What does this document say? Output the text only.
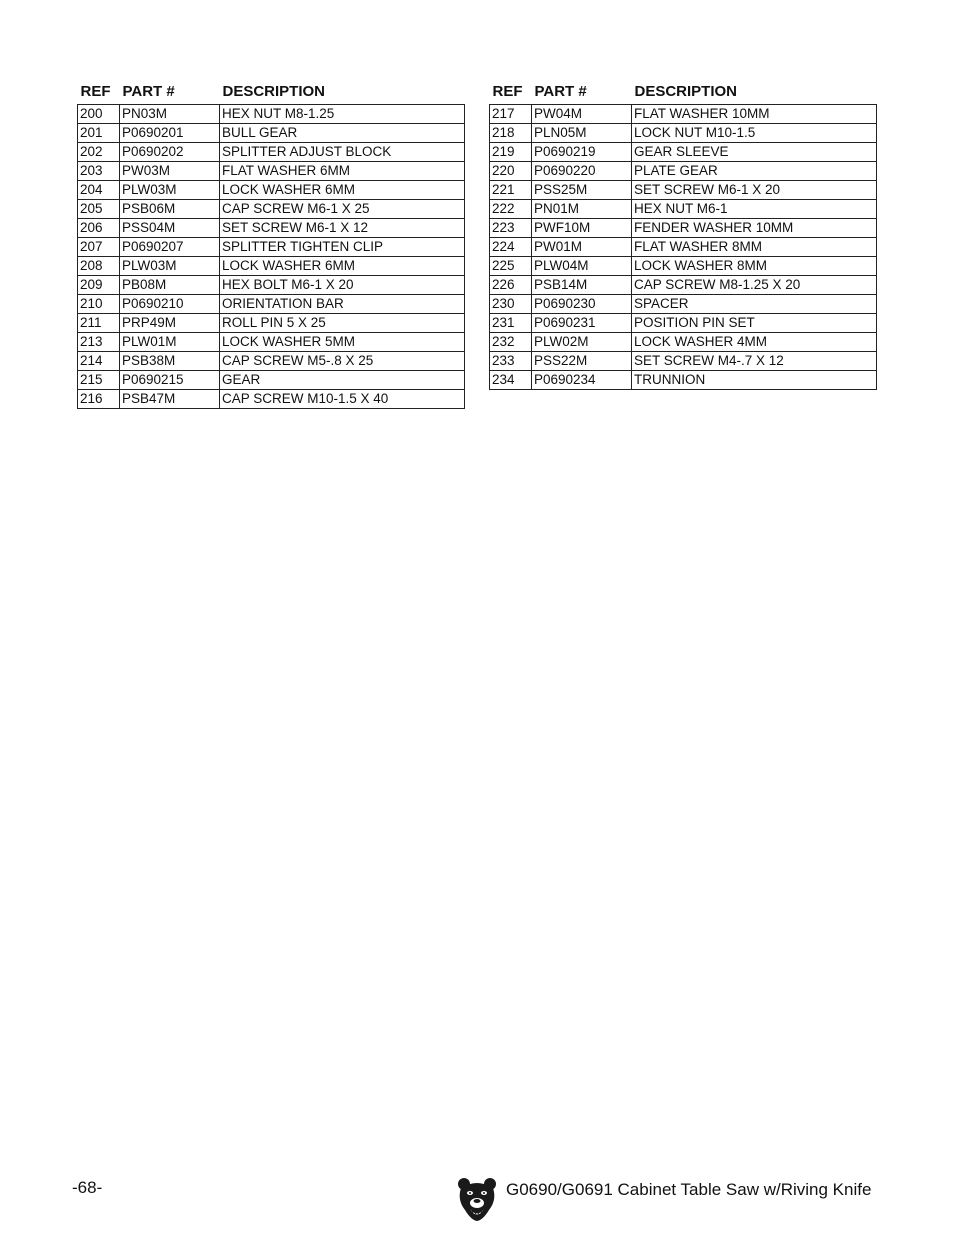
REF	PART #	DESCRIPTION
200	PN03M	HEX NUT M8-1.25
201	P0690201	BULL GEAR
202	P0690202	SPLITTER ADJUST BLOCK
203	PW03M	FLAT WASHER 6MM
204	PLW03M	LOCK WASHER 6MM
205	PSB06M	CAP SCREW M6-1 X 25
206	PSS04M	SET SCREW M6-1 X 12
207	P0690207	SPLITTER TIGHTEN CLIP
208	PLW03M	LOCK WASHER 6MM
209	PB08M	HEX BOLT M6-1 X 20
210	P0690210	ORIENTATION BAR
211	PRP49M	ROLL PIN 5 X 25
213	PLW01M	LOCK WASHER 5MM
214	PSB38M	CAP SCREW M5-.8 X 25
215	P0690215	GEAR
216	PSB47M	CAP SCREW M10-1.5 X 40
REF	PART #	DESCRIPTION
217	PW04M	FLAT WASHER 10MM
218	PLN05M	LOCK NUT M10-1.5
219	P0690219	GEAR SLEEVE
220	P0690220	PLATE GEAR
221	PSS25M	SET SCREW M6-1 X 20
222	PN01M	HEX NUT M6-1
223	PWF10M	FENDER WASHER 10MM
224	PW01M	FLAT WASHER 8MM
225	PLW04M	LOCK WASHER 8MM
226	PSB14M	CAP SCREW M8-1.25 X 20
230	P0690230	SPACER
231	P0690231	POSITION PIN SET
232	PLW02M	LOCK WASHER 4MM
233	PSS22M	SET SCREW M4-.7 X 12
234	P0690234	TRUNNION
-68-	G0690/G0691 Cabinet Table Saw w/Riving Knife
